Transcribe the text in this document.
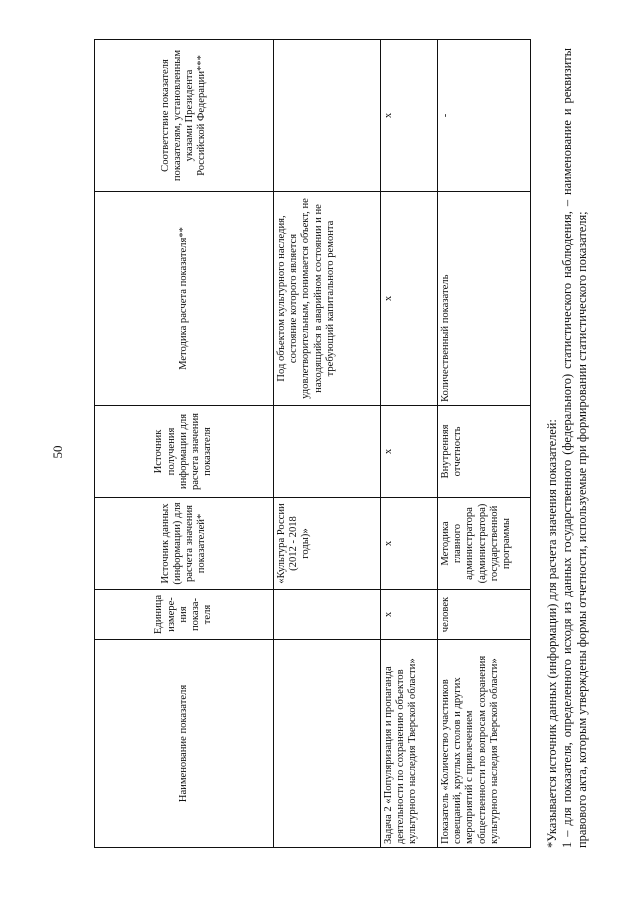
50
Наименование показателя	Единица измере-ния показа-теля	Источник данных (информации) для расчета значения показателей*	Источник получения информации для расчета значения показателя	Методика расчета показателя**	Соответствие показателя показателям, установленным указами Президента Российской Федерации***
		«Культура России (2012 - 2018 годы)»		Под объектом культурного наследия, состояние которого является удовлетворительным, понимается объект, не находящийся в аварийном состоянии и не требующий капитального ремонта	
Задача 2 «Популяризация и пропаганда деятельности по сохранению объектов культурного наследия Тверской области»	х	х	х	х	х
Показатель «Количество участников совещаний, круглых столов и других мероприятий с привлечением общественности по вопросам сохранения культурного наследия Тверской области»	человек	Методика главного администратора (администратора) государственной программы	Внутренняя отчетность	Количественный показатель	-

*Указывается источник данных (информации) для расчета значения показателей: 1 – для показателя, определенного исходя из данных государственного (федерального) статистического наблюдения, – наименование и реквизиты правового акта, которым утверждены формы отчетности, используемые при формировании статистического показателя;
